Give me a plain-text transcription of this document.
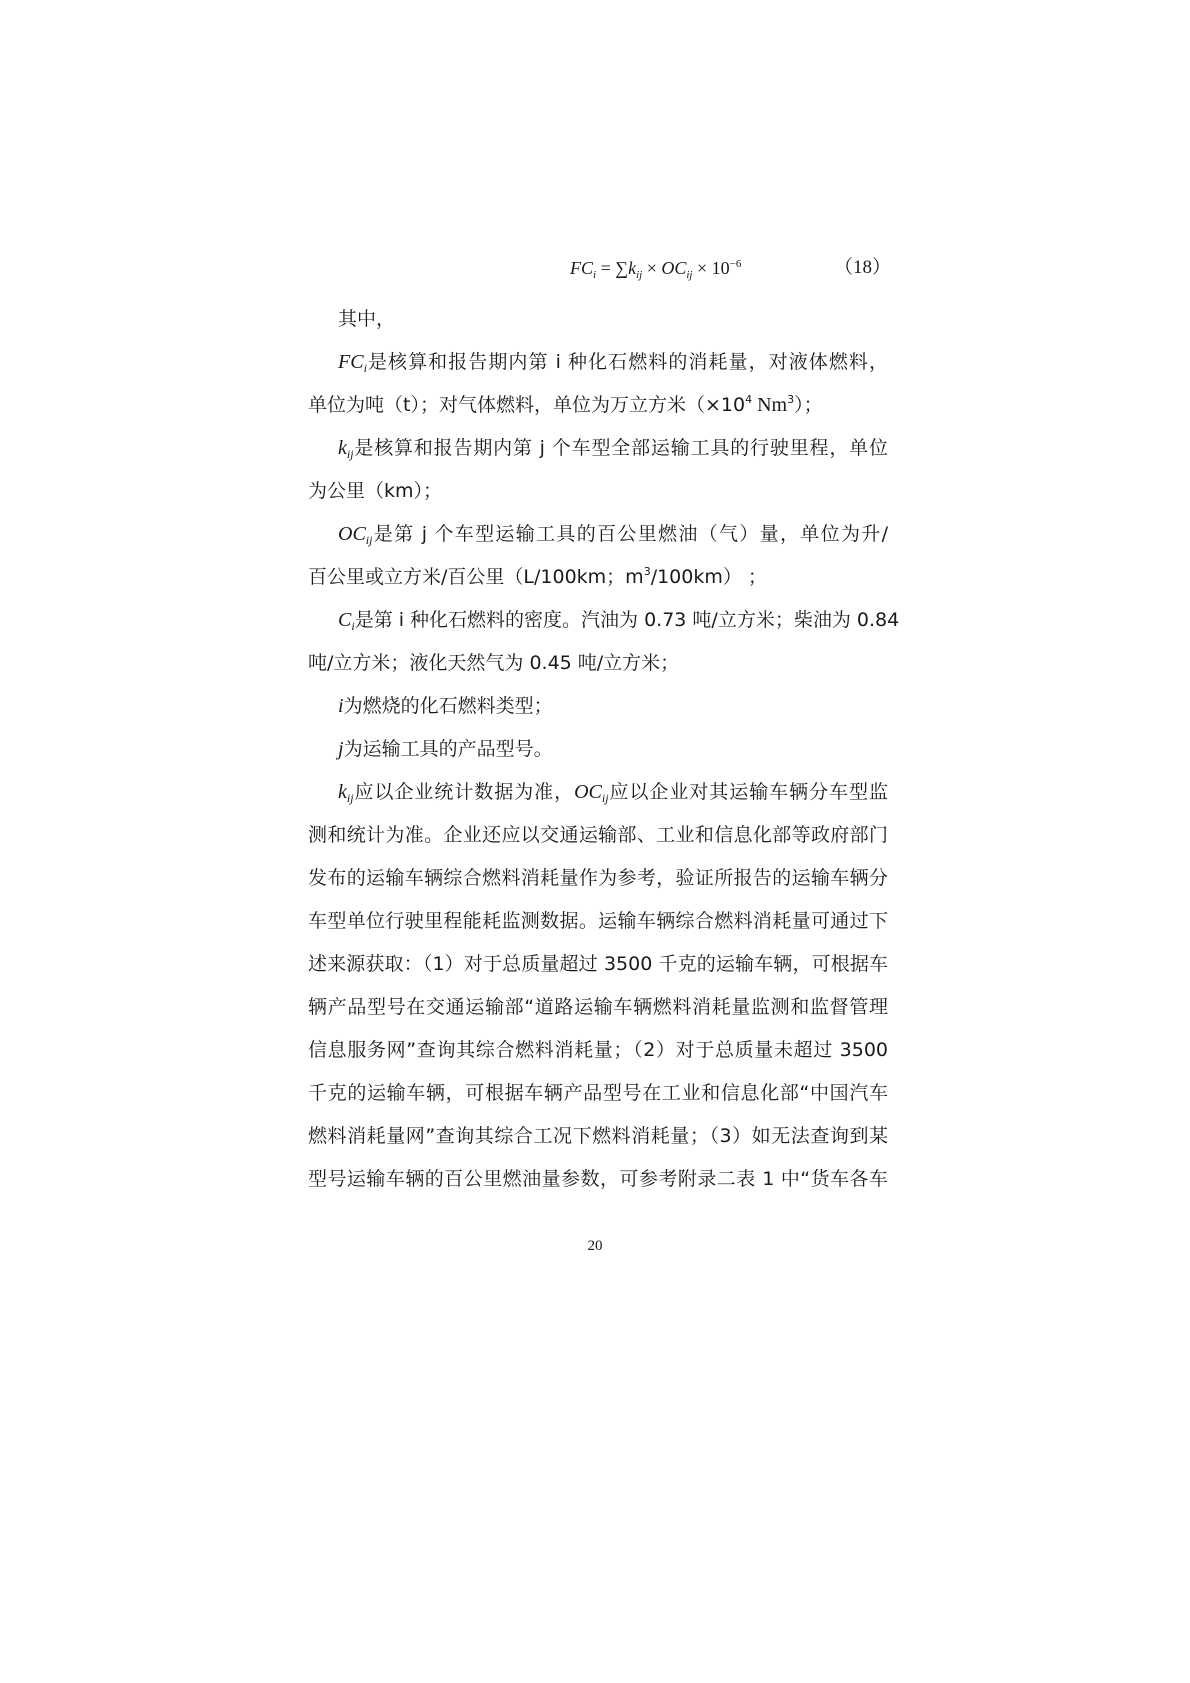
$FC_i = \sum k_{ij} \times OC_{ij} \times 10^{-6}$	（18）
其中，
$FC_i$是核算和报告期内第 i 种化石燃料的消耗量，对液体燃料，
单位为吨（t）；对气体燃料，单位为万立方米（$\times 10^4$ Nm$^3$）；
$k_{ij}$是核算和报告期内第 j 个车型全部运输工具的行驶里程，单位
为公里（km）；
$OC_{ij}$是第 j 个车型运输工具的百公里燃油（气）量，单位为升/
百公里或立方米/百公里（L/100km；$m^3/100km$） ；
$C_i$是第 i 种化石燃料的密度。汽油为 0.73 吨/立方米；柴油为 0.84
吨/立方米；液化天然气为 0.45 吨/立方米；
i为燃烧的化石燃料类型；
j为运输工具的产品型号。
$k_{ij}$应以企业统计数据为准，$OC_{ij}$应以企业对其运输车辆分车型监
测和统计为准。企业还应以交通运输部、工业和信息化部等政府部门
发布的运输车辆综合燃料消耗量作为参考，验证所报告的运输车辆分
车型单位行驶里程能耗监测数据。运输车辆综合燃料消耗量可通过下
述来源获取：（1）对于总质量超过 3500 千克的运输车辆，可根据车
辆产品型号在交通运输部“道路运输车辆燃料消耗量监测和监督管理
信息服务网”查询其综合燃料消耗量；（2）对于总质量未超过 3500
千克的运输车辆，可根据车辆产品型号在工业和信息化部“中国汽车
燃料消耗量网”查询其综合工况下燃料消耗量；（3）如无法查询到某
型号运输车辆的百公里燃油量参数，可参考附录二表 1 中“货车各车
20
